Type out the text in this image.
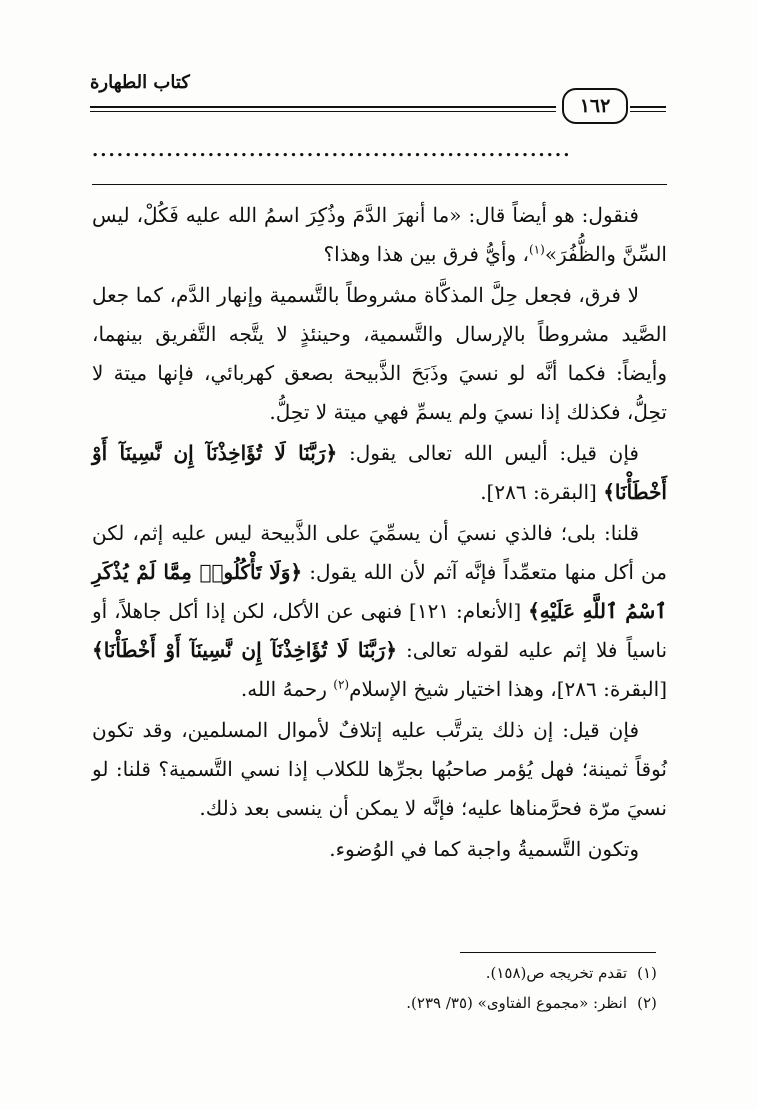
كتاب الطهارة
١٦٢
..........................................................

فنقول: هو أيضاً قال: «ما أنهرَ الدَّمَ وذُكِرَ اسمُ الله عليه فَكُلْ، ليس السِّنَّ والظُّفُرَ»$^{(١)}$، وأيُّ فرق بين هذا وهذا؟

لا فرق، فجعل حِلَّ المذكَّاة مشروطاً بالتَّسمية وإنهار الدَّم، كما جعل الصَّيد مشروطاً بالإرسال والتَّسمية، وحينئذٍ لا يتَّجه التَّفريق بينهما، وأيضاً: فكما أنَّه لو نسيَ وذَبَحَ الذَّبيحة بصعق كهربائي، فإنها ميتة لا تحِلُّ، فكذلك إذا نسيَ ولم يسمِّ فهي ميتة لا تحِلُّ.

فإن قيل: أليس الله تعالى يقول: ﴿رَبَّنَا لَا تُؤَاخِذْنَآ إِن نَّسِينَآ أَوْ أَخْطَأْنَا﴾ [البقرة: ٢٨٦].

قلنا: بلى؛ فالذي نسيَ أن يسمِّيَ على الذَّبيحة ليس عليه إثم، لكن من أكل منها متعمِّداً فإنَّه آثم لأن الله يقول: ﴿وَلَا تَأْكُلُوا۟ مِمَّا لَمْ يُذْكَرِ ٱسْمُ ٱللَّهِ عَلَيْهِ﴾ [الأنعام: ١٢١] فنهى عن الأكل، لكن إذا أكل جاهلاً، أو ناسياً فلا إثم عليه لقوله تعالى: ﴿رَبَّنَا لَا تُؤَاخِذْنَآ إِن نَّسِينَآ أَوْ أَخْطَأْنَا﴾ [البقرة: ٢٨٦]، وهذا اختيار شيخ الإسلام$^{(٢)}$ رحمهُ الله.

فإن قيل: إن ذلك يترتَّب عليه إتلافٌ لأموال المسلمين، وقد تكون نُوقاً ثمينة؛ فهل يُؤمر صاحبُها بجرِّها للكلاب إذا نسي التَّسمية؟ قلنا: لو نسيَ مرّة فحرَّمناها عليه؛ فإنَّه لا يمكن أن ينسى بعد ذلك.

وتكون التَّسميةُ واجبة كما في الوُضوء.

(١)
تقدم تخريجه ص(١٥٨).
(٢)
انظر: «مجموع الفتاوى» (٣٥/ ٢٣٩).
